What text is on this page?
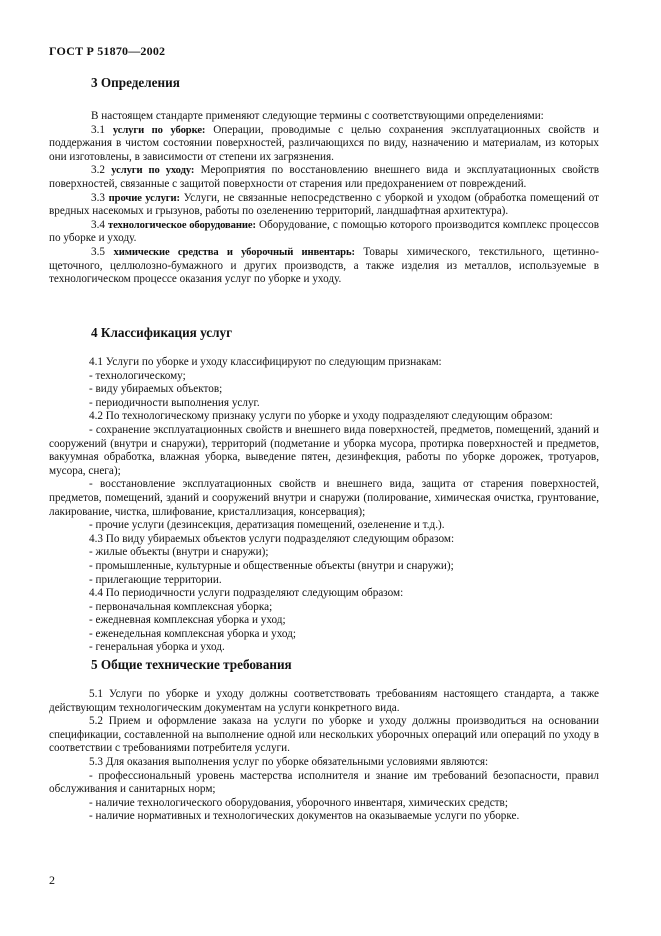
ГОСТ Р 51870—2002
3 Определения

В настоящем стандарте применяют следующие термины с соответствующими определениями:

3.1 услуги по уборке: Операции, проводимые с целью сохранения эксплуатационных свойств и поддержания в чистом состоянии поверхностей, различающихся по виду, назначению и материалам, из которых они изготовлены, в зависимости от степени их загрязнения.

3.2 услуги по уходу: Мероприятия по восстановлению внешнего вида и эксплуатационных свойств поверхностей, связанные с защитой поверхности от старения или предохранением от повреждений.

3.3 прочие услуги: Услуги, не связанные непосредственно с уборкой и уходом (обработка помещений от вредных насекомых и грызунов, работы по озеленению территорий, ландшафтная архитектура).

3.4 технологическое оборудование: Оборудование, с помощью которого производится комплекс процессов по уборке и уходу.

3.5 химические средства и уборочный инвентарь: Товары химического, текстильного, щетинно-щеточного, целлюлозно-бумажного и других производств, а также изделия из металлов, используемые в технологическом процессе оказания услуг по уборке и уходу.

4 Классификация услуг

4.1 Услуги по уборке и уходу классифицируют по следующим признакам:

- технологическому;

- виду убираемых объектов;

- периодичности выполнения услуг.

4.2 По технологическому признаку услуги по уборке и уходу подразделяют следующим образом:

- сохранение эксплуатационных свойств и внешнего вида поверхностей, предметов, помещений, зданий и сооружений (внутри и снаружи), территорий (подметание и уборка мусора, протирка поверхностей и предметов, вакуумная обработка, влажная уборка, выведение пятен, дезинфекция, работы по уборке дорожек, тротуаров, мусора, снега);

- восстановление эксплуатационных свойств и внешнего вида, защита от старения поверхностей, предметов, помещений, зданий и сооружений внутри и снаружи (полирование, химическая очистка, грунтование, лакирование, чистка, шлифование, кристаллизация, консервация);

- прочие услуги (дезинсекция, дератизация помещений, озеленение и т.д.).

4.3 По виду убираемых объектов услуги подразделяют следующим образом:

- жилые объекты (внутри и снаружи);

- промышленные, культурные и общественные объекты (внутри и снаружи);

- прилегающие территории.

4.4 По периодичности услуги подразделяют следующим образом:

- первоначальная комплексная уборка;

- ежедневная комплексная уборка и уход;

- еженедельная комплексная уборка и уход;

- генеральная уборка и уход.

5 Общие технические требования

5.1 Услуги по уборке и уходу должны соответствовать требованиям настоящего стандарта, а также действующим технологическим документам на услуги конкретного вида.

5.2 Прием и оформление заказа на услуги по уборке и уходу должны производиться на основании спецификации, составленной на выполнение одной или нескольких уборочных операций или операций по уходу в соответствии с требованиями потребителя услуги.

5.3 Для оказания выполнения услуг по уборке обязательными условиями являются:

- профессиональный уровень мастерства исполнителя и знание им требований безопасности, правил обслуживания и санитарных норм;

- наличие технологического оборудования, уборочного инвентаря, химических средств;

- наличие нормативных и технологических документов на оказываемые услуги по уборке.

2
